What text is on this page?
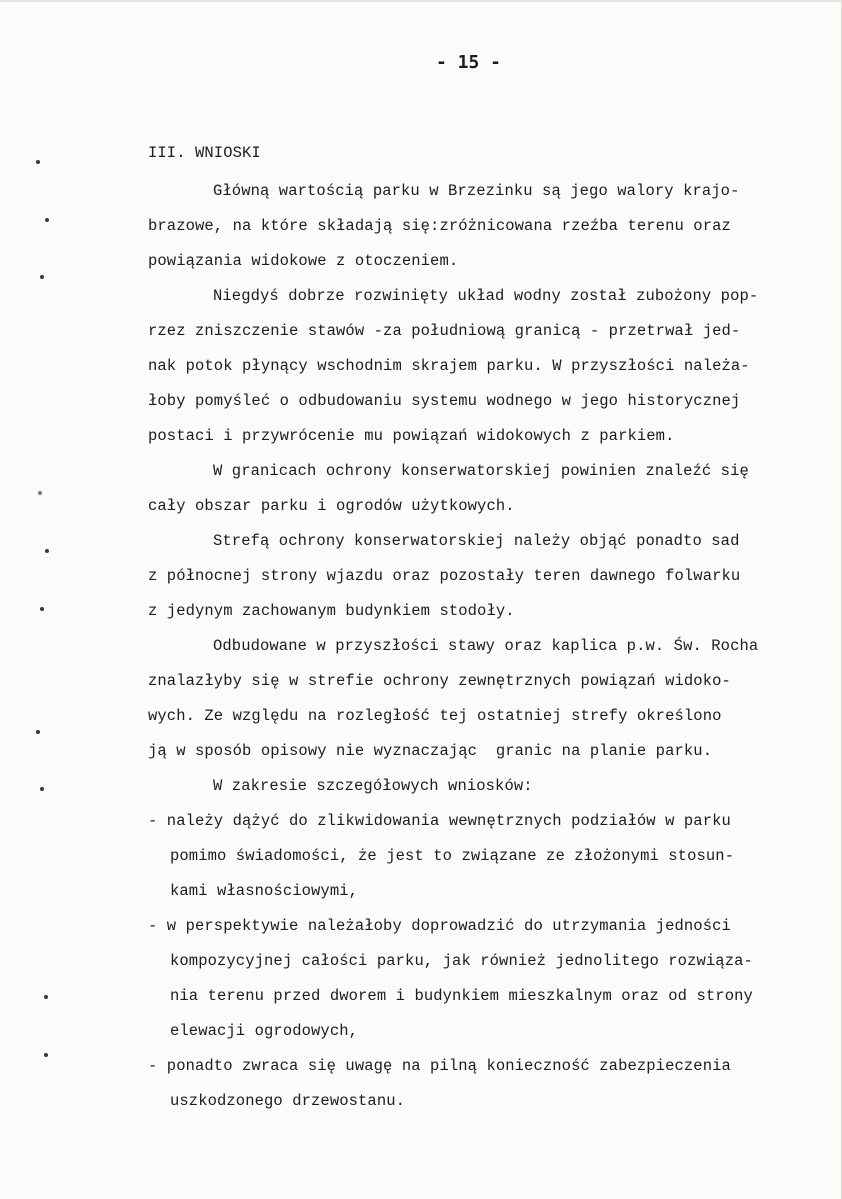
- 15 -
III. WNIOSKI
Główną wartością parku w Brzezinku są jego walory krajo-
brazowe, na które składają się:zróżnicowana rzeźba terenu oraz
powiązania widokowe z otoczeniem.
Niegdyś dobrze rozwinięty układ wodny został zubożony pop-
rzez zniszczenie stawów -za południową granicą - przetrwał jed-
nak potok płynący wschodnim skrajem parku. W przyszłości należa-
łoby pomyśleć o odbudowaniu systemu wodnego w jego historycznej
postaci i przywrócenie mu powiązań widokowych z parkiem.
W granicach ochrony konserwatorskiej powinien znaleźć się
cały obszar parku i ogrodów użytkowych.
Strefą ochrony konserwatorskiej należy objąć ponadto sad
z północnej strony wjazdu oraz pozostały teren dawnego folwarku
z jedynym zachowanym budynkiem stodoły.
Odbudowane w przyszłości stawy oraz kaplica p.w. Św. Rocha
znalazłyby się w strefie ochrony zewnętrznych powiązań widoko-
wych. Ze względu na rozległość tej ostatniej strefy określono
ją w sposób opisowy nie wyznaczając  granic na planie parku.
W zakresie szczegółowych wniosków:
- należy dążyć do zlikwidowania wewnętrznych podziałów w parku
pomimo świadomości, że jest to związane ze złożonymi stosun-
kami własnościowymi,
- w perspektywie należałoby doprowadzić do utrzymania jedności
kompozycyjnej całości parku, jak również jednolitego rozwiąza-
nia terenu przed dworem i budynkiem mieszkalnym oraz od strony
elewacji ogrodowych,
- ponadto zwraca się uwagę na pilną konieczność zabezpieczenia
uszkodzonego drzewostanu.
